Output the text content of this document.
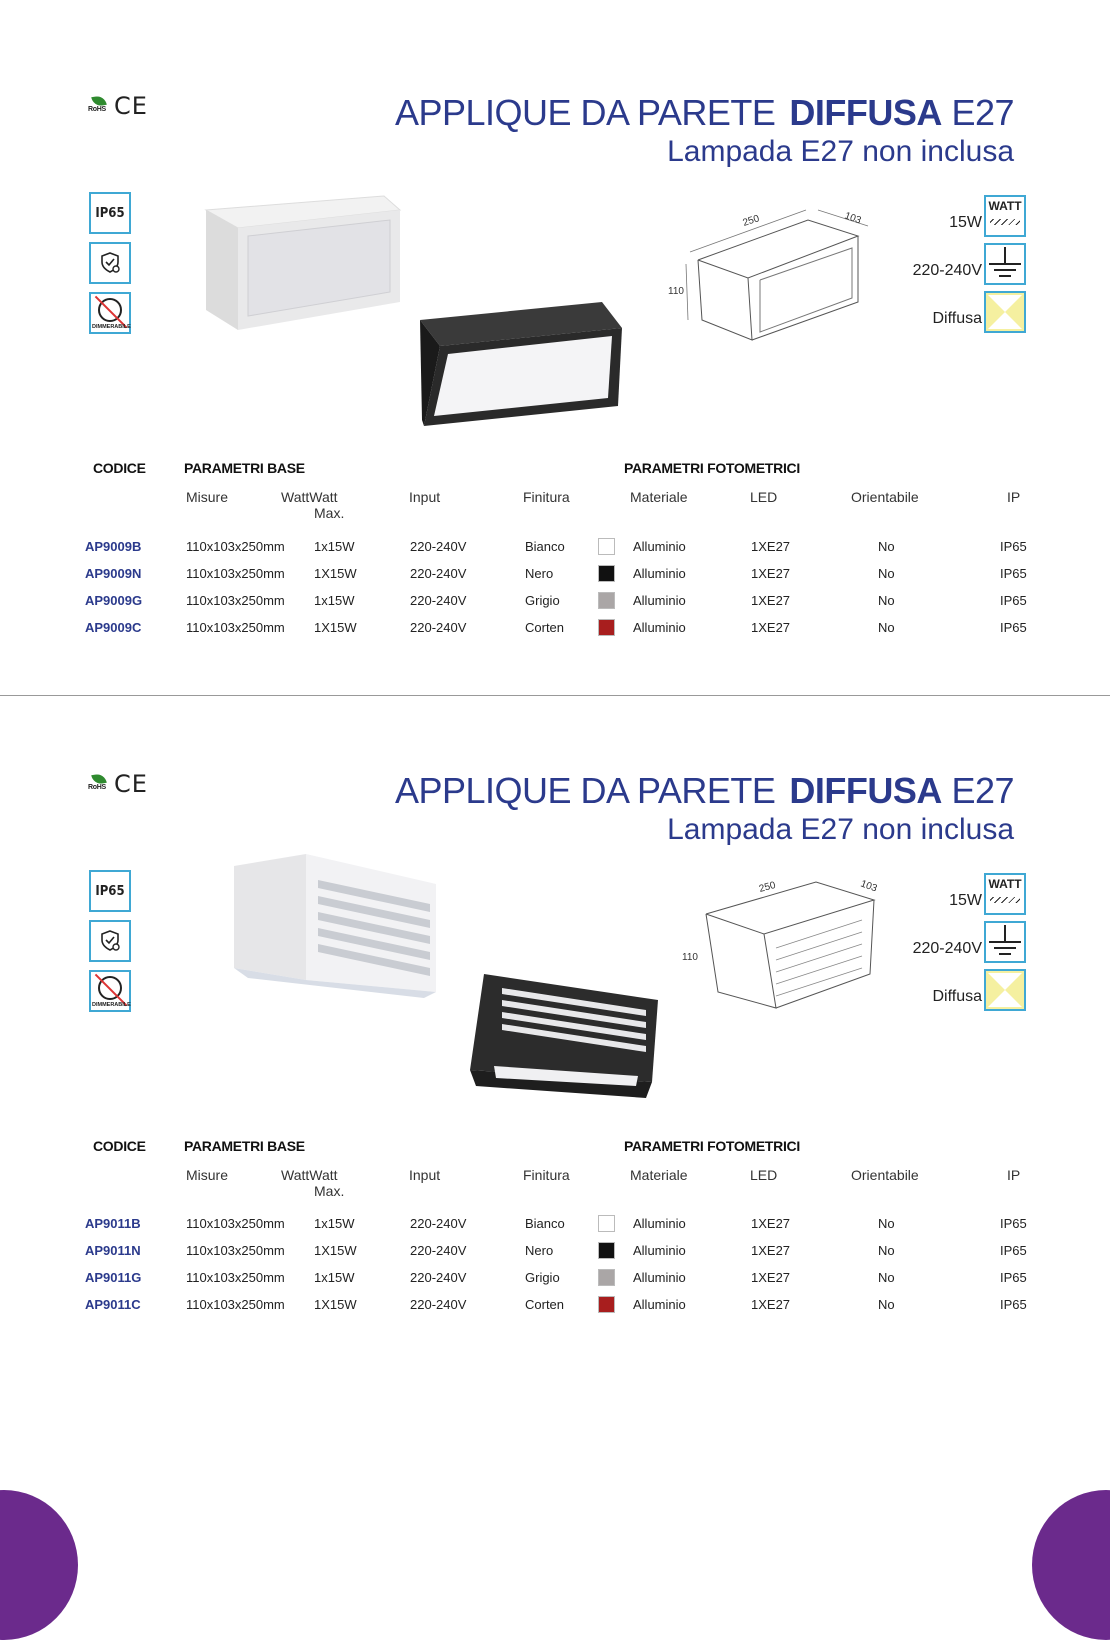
RoHS CE	APPLIQUE DA PARETE DIFFUSA E27
Lampada E27 non inclusa
IP65
DIMMERABILE
250	103
110
15W
WATT
220-240V
Diffusa
CODICE	PARAMETRI BASE	PARAMETRI FOTOMETRICI
Misure	WattWatt
Max.
Input	Finitura	Materiale	LED	Orientabile	IP
AP9009B	110x103x250mm 1x15W	220-240V	Bianco	Alluminio	1XE27	No	IP65
AP9009N	110x103x250mm 1X15W	220-240V	Nero	Alluminio	1XE27	No	IP65
AP9009G	110x103x250mm 1x15W	220-240V	Grigio	Alluminio	1XE27	No	IP65
AP9009C	110x103x250mm 1X15W	220-240V	Corten	Alluminio	1XE27	No	IP65
RoHS CE	APPLIQUE DA PARETE DIFFUSA E27
Lampada E27 non inclusa
IP65
DIMMERABILE
250	103
110
15W
WATT
220-240V
Diffusa
CODICE	PARAMETRI BASE	PARAMETRI FOTOMETRICI
Misure	WattWatt
Max.
Input	Finitura	Materiale	LED	Orientabile	IP
AP9011B	110x103x250mm 1x15W	220-240V	Bianco	Alluminio	1XE27	No	IP65
AP9011N	110x103x250mm 1X15W	220-240V	Nero	Alluminio	1XE27	No	IP65
AP9011G	110x103x250mm 1x15W	220-240V	Grigio	Alluminio	1XE27	No	IP65
AP9011C	110x103x250mm 1X15W	220-240V	Corten	Alluminio	1XE27	No	IP65
